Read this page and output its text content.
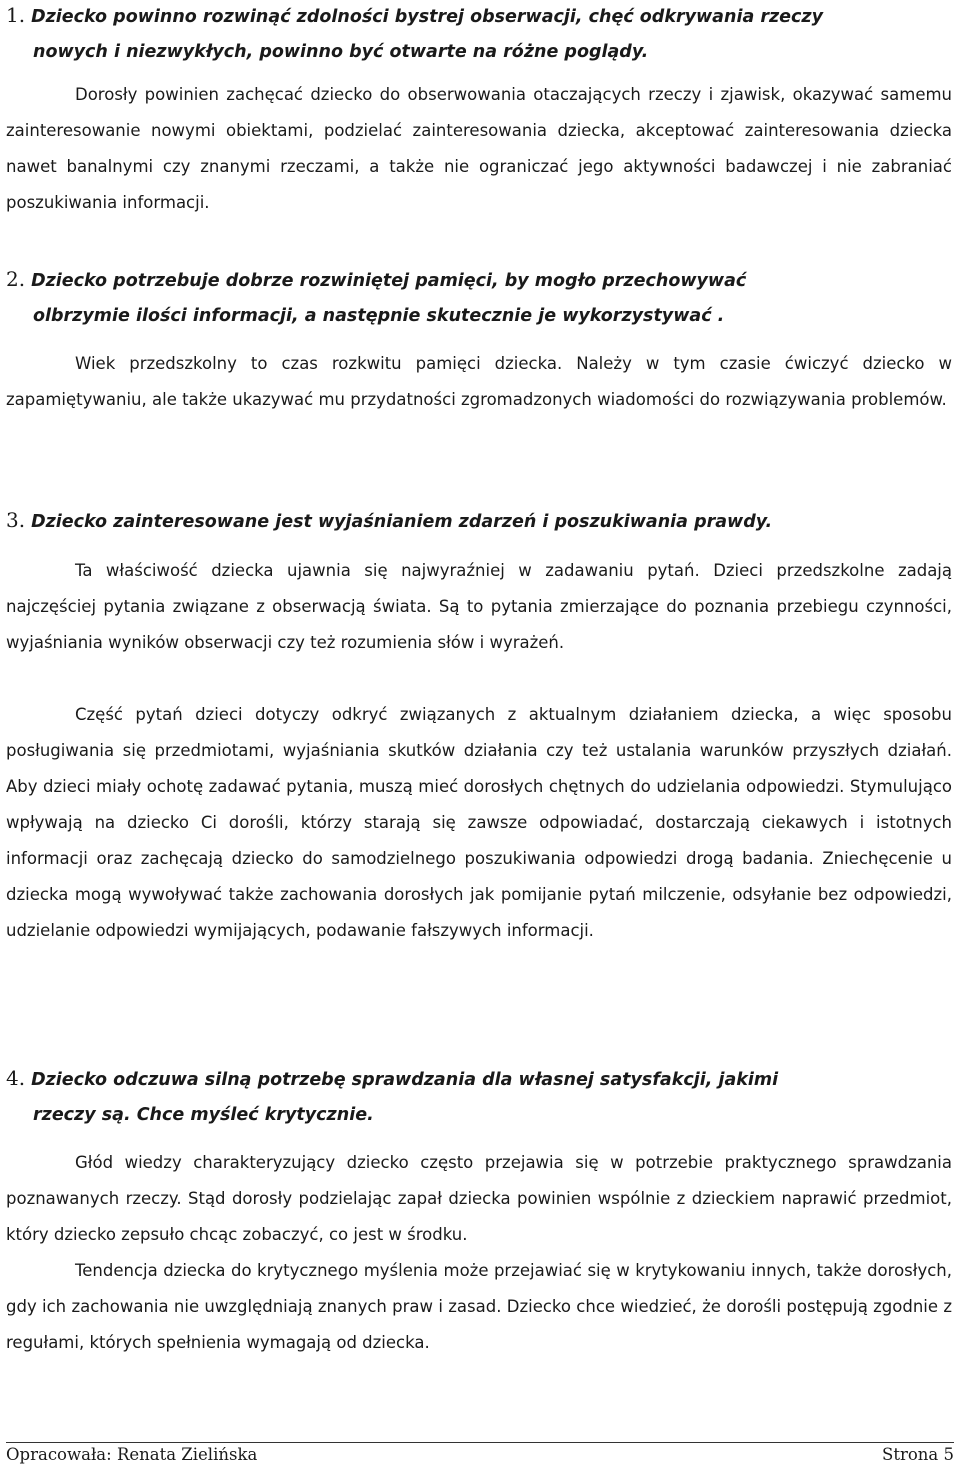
1. Dziecko powinno rozwinąć zdolności bystrej obserwacji, chęć odkrywania rzeczy
nowych i niezwykłych, powinno być otwarte na różne poglądy.

Dorosły powinien zachęcać dziecko do obserwowania otaczających rzeczy i zjawisk, okazywać samemu zainteresowanie nowymi obiektami, podzielać zainteresowania dziecka, akceptować zainteresowania dziecka nawet banalnymi czy znanymi rzeczami, a także nie ograniczać jego aktywności badawczej i nie zabraniać poszukiwania informacji.

2. Dziecko potrzebuje dobrze rozwiniętej pamięci, by mogło przechowywać
olbrzymie ilości informacji, a następnie skutecznie je wykorzystywać .

Wiek przedszkolny to czas rozkwitu pamięci dziecka. Należy w tym czasie ćwiczyć dziecko w zapamiętywaniu, ale także ukazywać mu przydatności zgromadzonych wiadomości do rozwiązywania problemów.

3. Dziecko zainteresowane jest wyjaśnianiem zdarzeń i poszukiwania prawdy.

Ta właściwość dziecka ujawnia się najwyraźniej w zadawaniu pytań. Dzieci przedszkolne zadają najczęściej pytania związane z obserwacją świata. Są to pytania zmierzające do poznania przebiegu czynności, wyjaśniania wyników obserwacji czy też rozumienia słów i wyrażeń.

Część pytań dzieci dotyczy odkryć związanych z aktualnym działaniem dziecka, a więc sposobu posługiwania się przedmiotami, wyjaśniania skutków działania czy też ustalania warunków przyszłych działań. Aby dzieci miały ochotę zadawać pytania, muszą mieć dorosłych chętnych do udzielania odpowiedzi. Stymulująco wpływają na dziecko Ci dorośli, którzy starają się zawsze odpowiadać, dostarczają ciekawych i istotnych informacji oraz zachęcają dziecko do samodzielnego poszukiwania odpowiedzi drogą badania. Zniechęcenie u dziecka mogą wywoływać także zachowania dorosłych jak pomijanie pytań milczenie, odsyłanie bez odpowiedzi, udzielanie odpowiedzi wymijających, podawanie fałszywych informacji.

4. Dziecko odczuwa silną potrzebę sprawdzania dla własnej satysfakcji, jakimi
rzeczy są. Chce myśleć krytycznie.

Głód wiedzy charakteryzujący dziecko często przejawia się w potrzebie praktycznego sprawdzania poznawanych rzeczy. Stąd dorosły podzielając zapał dziecka powinien wspólnie z dzieckiem naprawić przedmiot, który dziecko zepsuło chcąc zobaczyć, co jest w środku.

Tendencja dziecka do krytycznego myślenia może przejawiać się w krytykowaniu innych, także dorosłych, gdy ich zachowania nie uwzględniają znanych praw i zasad. Dziecko chce wiedzieć, że dorośli postępują zgodnie z regułami, których spełnienia wymagają od dziecka.

Opracowała: Renata Zielińska	Strona 5
